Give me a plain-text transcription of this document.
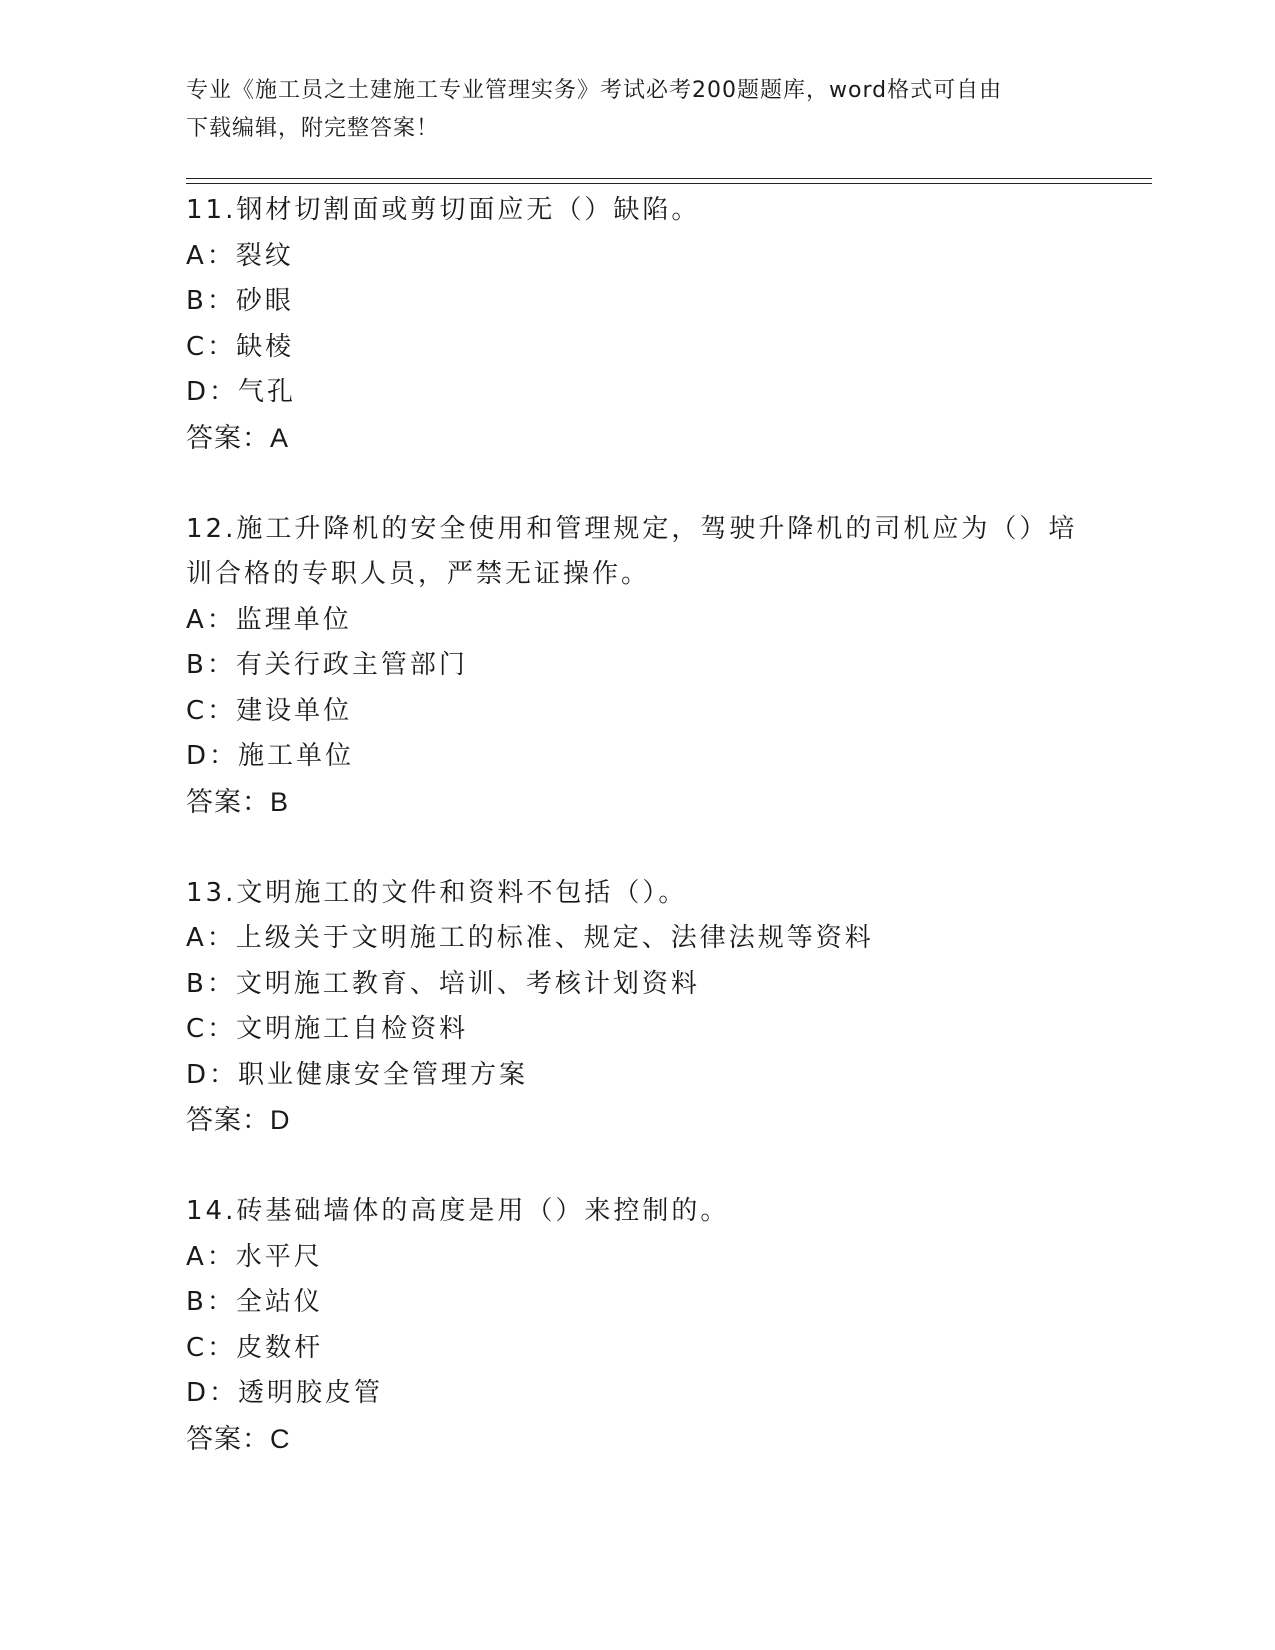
专业《施工员之土建施工专业管理实务》考试必考200题题库，word格式可自由
下载编辑，附完整答案！
11.钢材切割面或剪切面应无（）缺陷。
A：裂纹
B：砂眼
C：缺棱
D：气孔
答案：A
12.施工升降机的安全使用和管理规定，驾驶升降机的司机应为（）培
训合格的专职人员，严禁无证操作。
A：监理单位
B：有关行政主管部门
C：建设单位
D：施工单位
答案：B
13.文明施工的文件和资料不包括（）。
A：上级关于文明施工的标准、规定、法律法规等资料
B：文明施工教育、培训、考核计划资料
C：文明施工自检资料
D：职业健康安全管理方案
答案：D
14.砖基础墙体的高度是用（）来控制的。
A：水平尺
B：全站仪
C：皮数杆
D：透明胶皮管
答案：C
